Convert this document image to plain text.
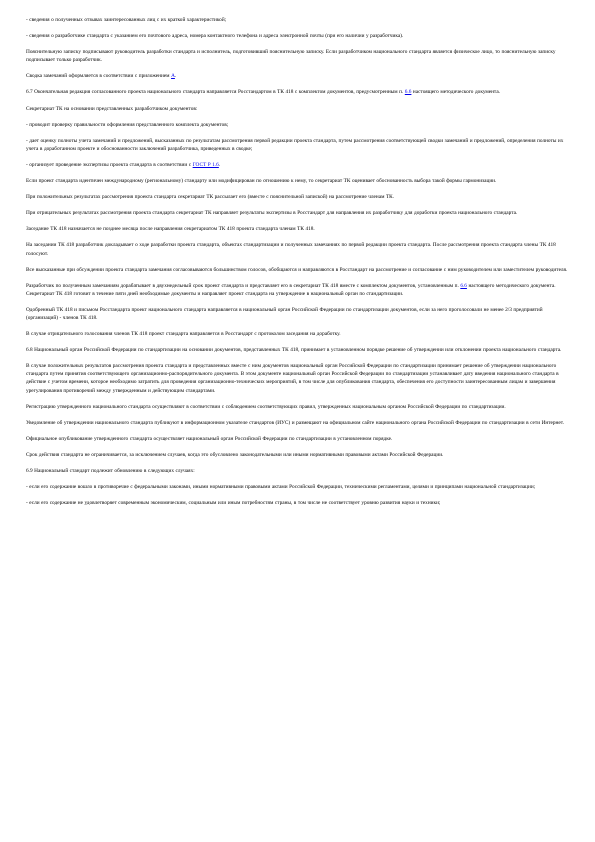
- сведения о полученных отзывах заинтересованных лиц с их краткой характеристикой;

- сведения о разработчике стандарта с указанием его почтового адреса, номера контактного телефона и адреса электронной почты (при его наличии у разработчика).

Пояснительную записку подписывают руководитель разработки стандарта и исполнитель, подготовивший пояснительную записку. Если разработчиком национального стандарта является физическое лицо, то пояснительную записку подписывает только разработчик.

Сводка замечаний оформляется в соответствии с приложением А.

6.7 Окончательная редакция согласованного проекта национального стандарта направляется Росстандартом в ТК 418 с комплектом документов, предусмотренным п. 6.6 настоящего методического документа.

Секретариат ТК на основании представленных разработчиком документов:

- проводит проверку правильности оформления представленного комплекта документов;

- дает оценку полноты учета замечаний и предложений, высказанных по результатам рассмотрения первой редакции проекта стандарта, путем рассмотрения соответствующей сводки замечаний и предложений, определения полноты их учета в доработанном проекте и обоснованности заключений разработчика, приведенных в сводке;

- организует проведение экспертизы проекта стандарта в соответствии с ГОСТ Р 1.6.

Если проект стандарта идентичен международному (региональному) стандарту или модифицирован по отношению к нему, то секретариат ТК оценивает обоснованность выбора такой формы гармонизации.

При положительных результатах рассмотрения проекта стандарта секретариат ТК рассылает его (вместе с пояснительной запиской) на рассмотрение членам ТК.

При отрицательных результатах рассмотрения проекта стандарта секретариат ТК направляет результаты экспертизы в Росстандарт для направления их разработчику для доработки проекта национального стандарта.

Заседание ТК 418 назначается не позднее месяца после направления секретариатом ТК 418 проекта стандарта членам ТК 418.

На заседании ТК 418 разработчик докладывает о ходе разработки проекта стандарта, объектах стандартизации и полученных замечаниях по первой редакции проекта стандарта. После рассмотрения проекта стандарта члены ТК 418 голосуют.

Все высказанные при обсуждении проекта стандарта замечания согласовываются большинством голосов, обобщаются и направляются в Росстандарт на рассмотрение и согласование с ним руководителем или заместителем руководителя.

Разработчик по полученным замечаниям дорабатывает в двухнедельный срок проект стандарта и представляет его в секретариат ТК 418 вместе с комплектом документов, установленным п. 6.6 настоящего методического документа. Секретариат ТК 418 готовит в течение пяти дней необходимые документы и направляет проект стандарта на утверждение в национальный орган по стандартизации.

Одобренный ТК 418 и письмом Росстандарта проект национального стандарта направляется в национальный орган Российской Федерации по стандартизации документов, если за него проголосовали не менее 2/3 предприятий (организаций) - членов ТК 418.

В случае отрицательного голосования членов ТК 418 проект стандарта направляется в Росстандарт с протоколом заседания на доработку.

6.8 Национальный орган Российской Федерации по стандартизации на основании документов, представленных ТК 418, принимает в установленном порядке решение об утверждении или отклонении проекта национального стандарта.

В случае положительных результатов рассмотрения проекта стандарта и представленных вместе с ним документов национальный орган Российской Федерации по стандартизации принимает решение об утверждении национального стандарта путем принятия соответствующего организационно-распорядительного документа. В этом документе национальный орган Российской Федерации по стандартизации устанавливает дату введения национального стандарта в действие с учетом времени, которое необходимо затратить для проведения организационно-технических мероприятий, в том числе для опубликования стандарта, обеспечения его доступности заинтересованным лицам и завершения урегулирования противоречий между утвержденным и действующим стандартами.

Регистрацию утвержденного национального стандарта осуществляют в соответствии с соблюдением соответствующих правил, утвержденных национальным органом Российской Федерации по стандартизации.

Уведомление об утверждении национального стандарта публикуют в информационном указателе стандартов (ИУС) и размещают на официальном сайте национального органа Российской Федерации по стандартизации в сети Интернет.

Официальное опубликование утвержденного стандарта осуществляет национальный орган Российской Федерации по стандартизации в установленном порядке.

Срок действия стандарта не ограничивается, за исключением случаев, когда это обусловлено законодательными или иными нормативными правовыми актами Российской Федерации.

6.9 Национальный стандарт подлежит обновлению в следующих случаях:

- если его содержание вошло в противоречие с федеральными законами, иными нормативными правовыми актами Российской Федерации, техническими регламентами, целями и принципами национальной стандартизации;

- если его содержание не удовлетворяет современным экономическим, социальным или иным потребностям страны, в том числе не соответствует уровню развития науки и техники;
